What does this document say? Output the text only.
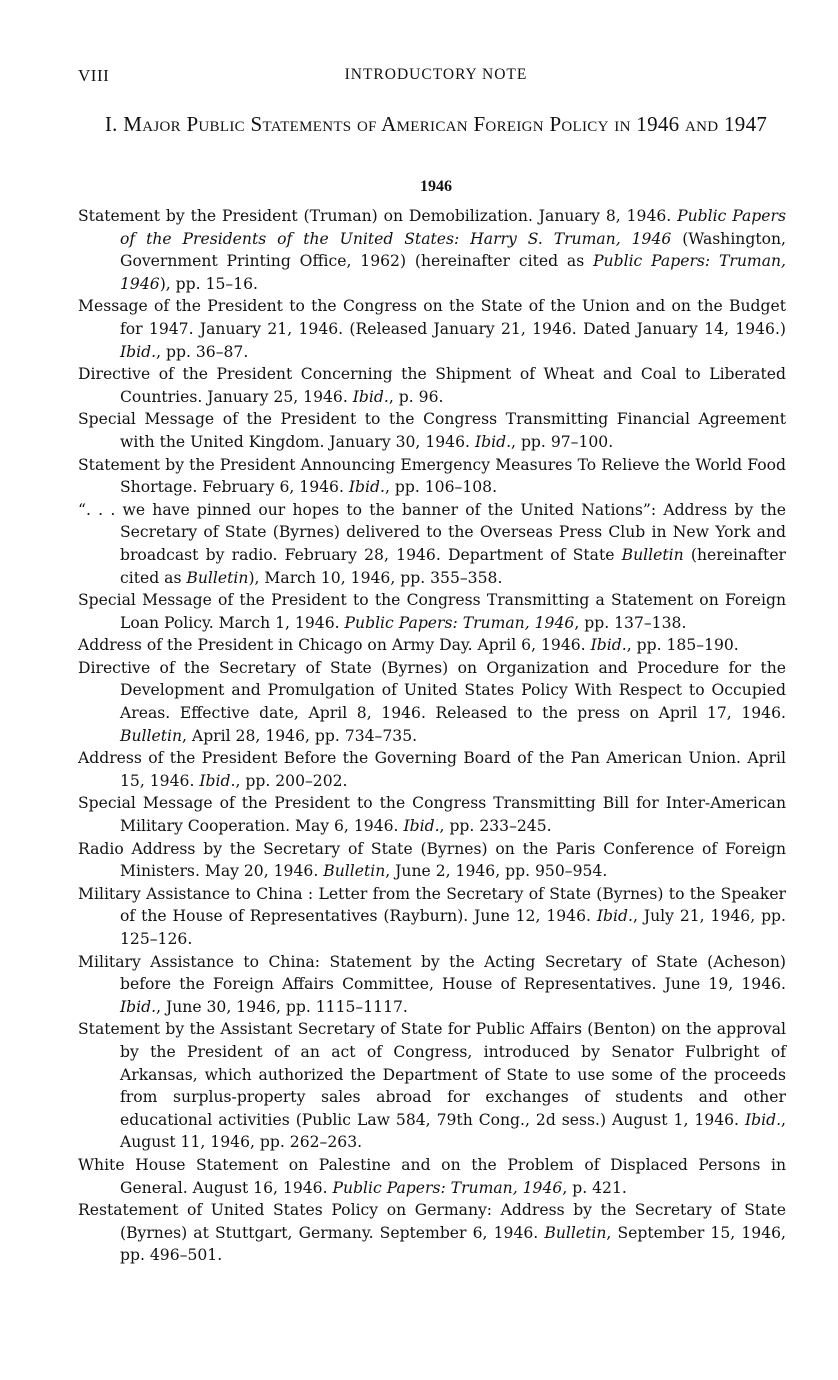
VIII	INTRODUCTORY NOTE
I. Major Public Statements of American Foreign Policy in 1946 and 1947
1946

Statement by the President (Truman) on Demobilization. January 8, 1946. Public Papers of the Presidents of the United States: Harry S. Truman, 1946 (Washington, Government Printing Office, 1962) (hereinafter cited as Public Papers: Truman, 1946), pp. 15–16.

Message of the President to the Congress on the State of the Union and on the Budget for 1947. January 21, 1946. (Released January 21, 1946. Dated January 14, 1946.) Ibid., pp. 36–87.

Directive of the President Concerning the Shipment of Wheat and Coal to Liberated Countries. January 25, 1946. Ibid., p. 96.

Special Message of the President to the Congress Transmitting Financial Agreement with the United Kingdom. January 30, 1946. Ibid., pp. 97–100.

Statement by the President Announcing Emergency Measures To Relieve the World Food Shortage. February 6, 1946. Ibid., pp. 106–108.

“. . . we have pinned our hopes to the banner of the United Nations”: Address by the Secretary of State (Byrnes) delivered to the Overseas Press Club in New York and broadcast by radio. February 28, 1946. Department of State Bulletin (hereinafter cited as Bulletin), March 10, 1946, pp. 355–358.

Special Message of the President to the Congress Transmitting a Statement on Foreign Loan Policy. March 1, 1946. Public Papers: Truman, 1946, pp. 137–138.

Address of the President in Chicago on Army Day. April 6, 1946. Ibid., pp. 185–190.

Directive of the Secretary of State (Byrnes) on Organization and Procedure for the Development and Promulgation of United States Policy With Respect to Occupied Areas. Effective date, April 8, 1946. Released to the press on April 17, 1946. Bulletin, April 28, 1946, pp. 734–735.

Address of the President Before the Governing Board of the Pan American Union. April 15, 1946. Ibid., pp. 200–202.

Special Message of the President to the Congress Transmitting Bill for Inter-American Military Cooperation. May 6, 1946. Ibid., pp. 233–245.

Radio Address by the Secretary of State (Byrnes) on the Paris Conference of Foreign Ministers. May 20, 1946. Bulletin, June 2, 1946, pp. 950–954.

Military Assistance to China : Letter from the Secretary of State (Byrnes) to the Speaker of the House of Representatives (Rayburn). June 12, 1946. Ibid., July 21, 1946, pp. 125–126.

Military Assistance to China: Statement by the Acting Secretary of State (Acheson) before the Foreign Affairs Committee, House of Representatives. June 19, 1946. Ibid., June 30, 1946, pp. 1115–1117.

Statement by the Assistant Secretary of State for Public Affairs (Benton) on the approval by the President of an act of Congress, introduced by Senator Fulbright of Arkansas, which authorized the Department of State to use some of the proceeds from surplus-property sales abroad for exchanges of students and other educational activities (Public Law 584, 79th Cong., 2d sess.) August 1, 1946. Ibid., August 11, 1946, pp. 262–263.

White House Statement on Palestine and on the Problem of Displaced Persons in General. August 16, 1946. Public Papers: Truman, 1946, p. 421.

Restatement of United States Policy on Germany: Address by the Secretary of State (Byrnes) at Stuttgart, Germany. September 6, 1946. Bulletin, September 15, 1946, pp. 496–501.
